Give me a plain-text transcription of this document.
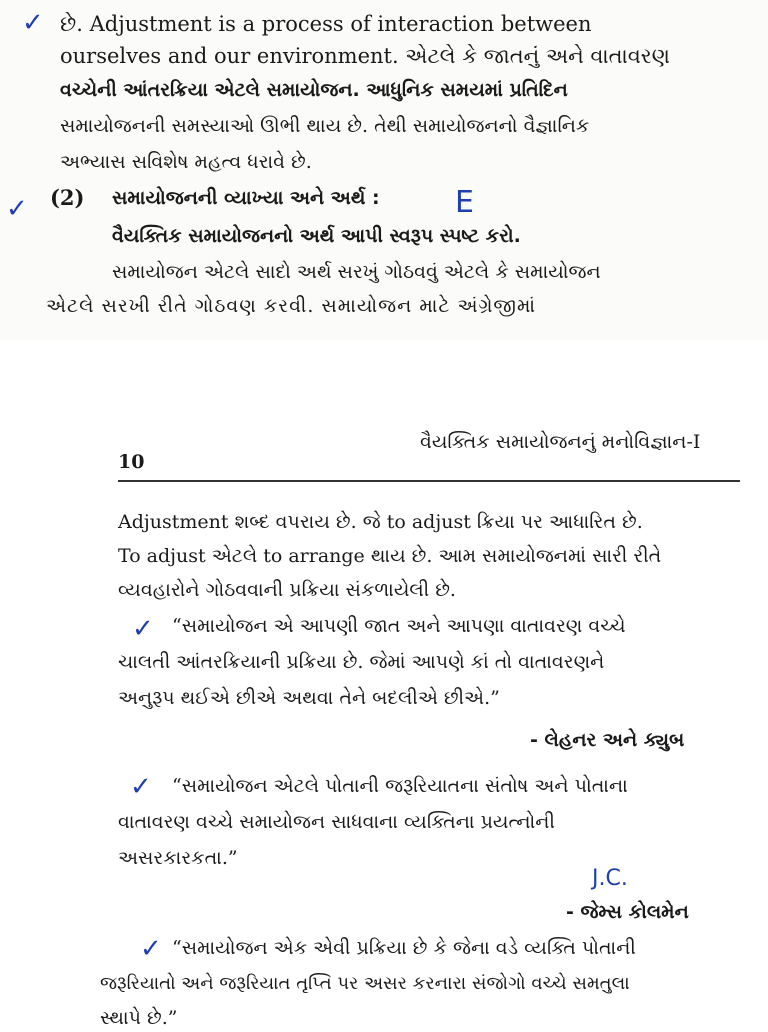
✓ છે. Adjustment is a process of interaction between
ourselves and our environment. એટલે કે જાતનું અને વાતાવરણ
વચ્ચેની આંતરક્રિયા એટલે સમાયોજન. આધુનિક સમયમાં પ્રતિદિન
સમાયોજનની સમસ્યાઓ ઊભી થાય છે. તેથી સમાયોજનનો વૈજ્ઞાનિક
અભ્યાસ સવિશેષ મહત્વ ધરાવે છે.
✓ (2) સમાયોજનની વ્યાખ્યા અને અર્થ :	E
વૈયક્તિક સમાયોજનનો અર્થ આપી સ્વરૂપ સ્પષ્ટ કરો.
સમાયોજન એટલે સાદો અર્થ સરખું ગોઠવવું એટલે કે સમાયોજન
એટલે સરખી રીતે ગોઠવણ કરવી. સમાયોજન માટે અંગ્રેજીમાં
10
વૈયક્તિક સમાયોજનનું મનોવિજ્ઞાન-I
Adjustment શબ્દ વપરાય છે. જે to adjust ક્રિયા પર આધારિત છે.
To adjust એટલે to arrange થાય છે. આમ સમાયોજનમાં સારી રીતે
વ્યવહારોને ગોઠવવાની પ્રક્રિયા સંકળાયેલી છે.
✓ “સમાયોજન એ આપણી જાત અને આપણા વાતાવરણ વચ્ચે
ચાલતી આંતરક્રિયાની પ્રક્રિયા છે. જેમાં આપણે કાં તો વાતાવરણને
અનુરૂપ થઈએ છીએ અથવા તેને બદલીએ છીએ.”
- લેહનર અને ક્યુબ
✓ “સમાયોજન એટલે પોતાની જરૂરિયાતના સંતોષ અને પોતાના
વાતાવરણ વચ્ચે સમાયોજન સાધવાના વ્યક્તિના પ્રયત્નોની
અસરકારકતા.”
J.C.
- જેમ્સ કોલમેન
✓ “સમાયોજન એક એવી પ્રક્રિયા છે કે જેના વડે વ્યક્તિ પોતાની
જરૂરિયાતો અને જરૂરિયાત તૃપ્તિ પર અસર કરનારા સંજોગો વચ્ચે સમતુલા
સ્થાપે છે.”
